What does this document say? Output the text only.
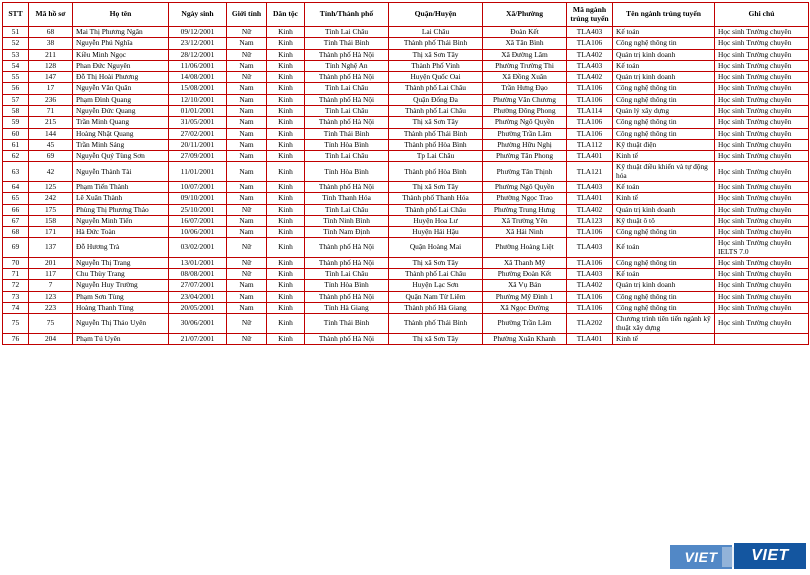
STT	Mã hồ sơ	Họ tên	Ngày sinh	Giới tính	Dân tộc	Tỉnh/Thành phố	Quận/Huyện	Xã/Phường	Mã ngành trúng tuyển	Tên ngành trúng tuyển	Ghi chú
51	68	Mai Thị Phương Ngân	09/12/2001	Nữ	Kinh	Tỉnh Lai Châu	Lai Châu	Đoàn Kết	TLA403	Kế toán	Học sinh Trường chuyên
52	38	Nguyễn Phú Nghĩa	23/12/2001	Nam	Kinh	Tỉnh Thái Bình	Thành phố Thái Bình	Xã Tân Bình	TLA106	Công nghệ thông tin	Học sinh Trường chuyên
53	211	Kiều Minh Ngọc	28/12/2001	Nữ	Kinh	Thành phố Hà Nội	Thị xã Sơn Tây	Xã Đường Lâm	TLA402	Quản trị kinh doanh	Học sinh Trường chuyên
54	128	Phan Đức Nguyên	11/06/2001	Nam	Kinh	Tỉnh Nghệ An	Thành Phố Vinh	Phường Trường Thi	TLA403	Kế toán	Học sinh Trường chuyên
55	147	Đỗ Thị Hoài Phương	14/08/2001	Nữ	Kinh	Thành phố Hà Nội	Huyện Quốc Oai	Xã Đồng Xuân	TLA402	Quản trị kinh doanh	Học sinh Trường chuyên
56	17	Nguyễn Văn Quân	15/08/2001	Nam	Kinh	Tỉnh Lai Châu	Thành phố Lai Châu	Trần Hưng Đạo	TLA106	Công nghệ thông tin	Học sinh Trường chuyên
57	236	Phạm Đình Quang	12/10/2001	Nam	Kinh	Thành phố Hà Nội	Quận Đống Đa	Phường Văn Chương	TLA106	Công nghệ thông tin	Học sinh Trường chuyên
58	71	Nguyễn Đức Quang	01/01/2001	Nam	Kinh	Tỉnh Lai Châu	Thành phố Lai Châu	Phường Đông Phong	TLA114	Quản lý xây dựng	Học sinh Trường chuyên
59	215	Trần Minh Quang	31/05/2001	Nam	Kinh	Thành phố Hà Nội	Thị xã Sơn Tây	Phường Ngô Quyền	TLA106	Công nghệ thông tin	Học sinh Trường chuyên
60	144	Hoàng Nhật Quang	27/02/2001	Nam	Kinh	Tỉnh Thái Bình	Thành phố Thái Bình	Phường Trần Lãm	TLA106	Công nghệ thông tin	Học sinh Trường chuyên
61	45	Trần Minh Sáng	20/11/2001	Nam	Kinh	Tỉnh Hòa Bình	Thành phố Hòa Bình	Phường Hữu Nghị	TLA112	Kỹ thuật điện	Học sinh Trường chuyên
62	69	Nguyễn Quý Tùng Sơn	27/09/2001	Nam	Kinh	Tỉnh Lai Châu	Tp Lai Châu	Phường Tân Phong	TLA401	Kinh tế	Học sinh Trường chuyên
63	42	Nguyễn Thành Tài	11/01/2001	Nam	Kinh	Tỉnh Hòa Bình	Thành phố Hòa Bình	Phường Tân Thịnh	TLA121	Kỹ thuật điều khiển và tự động hóa	Học sinh Trường chuyên
64	125	Phạm Tiến Thành	10/07/2001	Nam	Kinh	Thành phố Hà Nội	Thị xã Sơn Tây	Phường Ngô Quyền	TLA403	Kế toán	Học sinh Trường chuyên
65	242	Lê Xuân Thành	09/10/2001	Nam	Kinh	Tỉnh Thanh Hóa	Thành phố Thanh Hóa	Phường Ngọc Trao	TLA401	Kinh tế	Học sinh Trường chuyên
66	175	Phùng Thị Phương Thảo	25/10/2001	Nữ	Kinh	Tỉnh Lai Châu	Thành phố Lai Châu	Phường Trung Hưng	TLA402	Quản trị kinh doanh	Học sinh Trường chuyên
67	158	Nguyễn Minh Tiến	16/07/2001	Nam	Kinh	Tỉnh Ninh Bình	Huyện Hoa Lư	Xã Trường Yên	TLA123	Kỹ thuật ô tô	Học sinh Trường chuyên
68	171	Hà Đức Toàn	10/06/2001	Nam	Kinh	Tỉnh Nam Định	Huyện Hải Hậu	Xã Hải Ninh	TLA106	Công nghệ thông tin	Học sinh Trường chuyên
69	137	Đỗ Hương Trà	03/02/2001	Nữ	Kinh	Thành phố Hà Nội	Quận Hoàng Mai	Phường Hoàng Liệt	TLA403	Kế toán	Học sinh Trường chuyên IELTS 7.0
70	201	Nguyễn Thị Trang	13/01/2001	Nữ	Kinh	Thành phố Hà Nội	Thị xã Sơn Tây	Xã Thanh Mỹ	TLA106	Công nghệ thông tin	Học sinh Trường chuyên
71	117	Chu Thùy Trang	08/08/2001	Nữ	Kinh	Tỉnh Lai Châu	Thành phố Lai Châu	Phường Đoàn Kết	TLA403	Kế toán	Học sinh Trường chuyên
72	7	Nguyễn Huy Trường	27/07/2001	Nam	Kinh	Tỉnh Hòa Bình	Huyện Lạc Sơn	Xã Vụ Bản	TLA402	Quản trị kinh doanh	Học sinh Trường chuyên
73	123	Phạm Sơn Tùng	23/04/2001	Nam	Kinh	Thành phố Hà Nội	Quận Nam Từ Liêm	Phường Mỹ Đình 1	TLA106	Công nghệ thông tin	Học sinh Trường chuyên
74	223	Hoàng Thanh Tùng	20/05/2001	Nam	Kinh	Tỉnh Hà Giang	Thành phố Hà Giang	Xã Ngọc Đường	TLA106	Công nghệ thông tin	Học sinh Trường chuyên
75	75	Nguyễn Thị Thảo Uyên	30/06/2001	Nữ	Kinh	Tỉnh Thái Bình	Thành phố Thái Bình	Phường Trần Lãm	TLA202	Chương trình tiên tiến ngành kỹ thuật xây dựng	Học sinh Trường chuyên
76	204	Phạm Tú Uyên	21/07/2001	Nữ	Kinh	Thành phố Hà Nội	Thị xã Sơn Tây	Phường Xuân Khanh	TLA401	Kinh tế	
VIET	VIET
